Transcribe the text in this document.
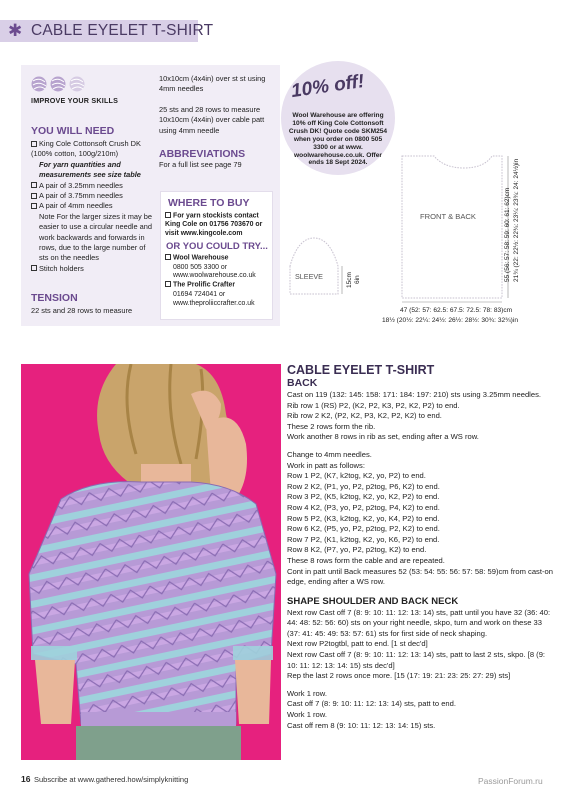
✱ CABLE EYELET T-SHIRT
IMPROVE YOUR SKILLS
YOU WILL NEED
King Cole Cottonsoft Crush DK (100% cotton, 100g/210m)
For yarn quantities and measurements see size table
A pair of 3.25mm needles
A pair of 3.75mm needles
A pair of 4mm needles
Note For the larger sizes it may be easier to use a circular needle and work backwards and forwards in rows, due to the large number of sts on the needles
Stitch holders
TENSION
22 sts and 28 rows to measure

10x10cm (4x4in) over st st using 4mm needles

25 sts and 28 rows to measure 10x10cm (4x4in) over cable patt using 4mm needle

ABBREVIATIONS
For a full list see page 79
WHERE TO BUY
For yarn stockists contact King Cole on 01756 703670 or visit www.kingcole.com
OR YOU COULD TRY...
Wool Warehouse
0800 505 3300 or www.woolwarehouse.co.uk
The Prolific Crafter
01694 724041 or www.theproliiccrafter.co.uk
10% off!
Wool Warehouse are offering 10% off King Cole Cottonsoft Crush DK! Quote code SKM254 when you order on 0800 505 3300 or at www. woolwarehouse.co.uk. Offer ends 18 Sept 2024.
FRONT & BACK
SLEEVE
47 (52: 57: 62.5: 67.5: 72.5: 78: 83)cm
18½ (20½: 22¼: 24½: 26½: 28½: 30¾: 32¾)in
55 (56: 57: 58: 59: 60: 61: 62)cm 21¾ (22: 22½: 22¾: 23¼: 23¾: 24: 24½)in
15cm 6in

CABLE EYELET T-SHIRT

BACK

Cast on 119 (132: 145: 158: 171: 184: 197: 210) sts using 3.25mm needles.

Rib row 1 (RS) P2, (K2, P2, K3, P2, K2, P2) to end.

Rib row 2 K2, (P2, K2, P3, K2, P2, K2) to end.

These 2 rows form the rib.

Work another 8 rows in rib as set, ending after a WS row.

Change to 4mm needles.

Work in patt as follows:

Row 1 P2, (K7, k2tog, K2, yo, P2) to end.

Row 2 K2, (P1, yo, P2, p2tog, P6, K2) to end.

Row 3 P2, (K5, k2tog, K2, yo, K2, P2) to end.

Row 4 K2, (P3, yo, P2, p2tog, P4, K2) to end.

Row 5 P2, (K3, k2tog, K2, yo, K4, P2) to end.

Row 6 K2, (P5, yo, P2, p2tog, P2, K2) to end.

Row 7 P2, (K1, k2tog, K2, yo, K6, P2) to end.

Row 8 K2, (P7, yo, P2, p2tog, K2) to end.

These 8 rows form the cable and are repeated.

Cont in patt until Back measures 52 (53: 54: 55: 56: 57: 58: 59)cm from cast-on edge, ending after a WS row.

SHAPE SHOULDER AND BACK NECK

Next row Cast off 7 (8: 9: 10: 11: 12: 13: 14) sts, patt until you have 32 (36: 40: 44: 48: 52: 56: 60) sts on your right needle, skpo, turn and work on these 33 (37: 41: 45: 49: 53: 57: 61) sts for first side of neck shaping.

Next row P2togtbl, patt to end. [1 st dec'd]

Next row Cast off 7 (8: 9: 10: 11: 12: 13: 14) sts, patt to last 2 sts, skpo. [8 (9: 10: 11: 12: 13: 14: 15) sts dec'd]

Rep the last 2 rows once more. [15 (17: 19: 21: 23: 25: 27: 29) sts]

Work 1 row.

Cast off 7 (8: 9: 10: 11: 12: 13: 14) sts, patt to end.

Work 1 row.

Cast off rem 8 (9: 10: 11: 12: 13: 14: 15) sts.

16 Subscribe at www.gathered.how/simplyknitting	PassionForum.ru
